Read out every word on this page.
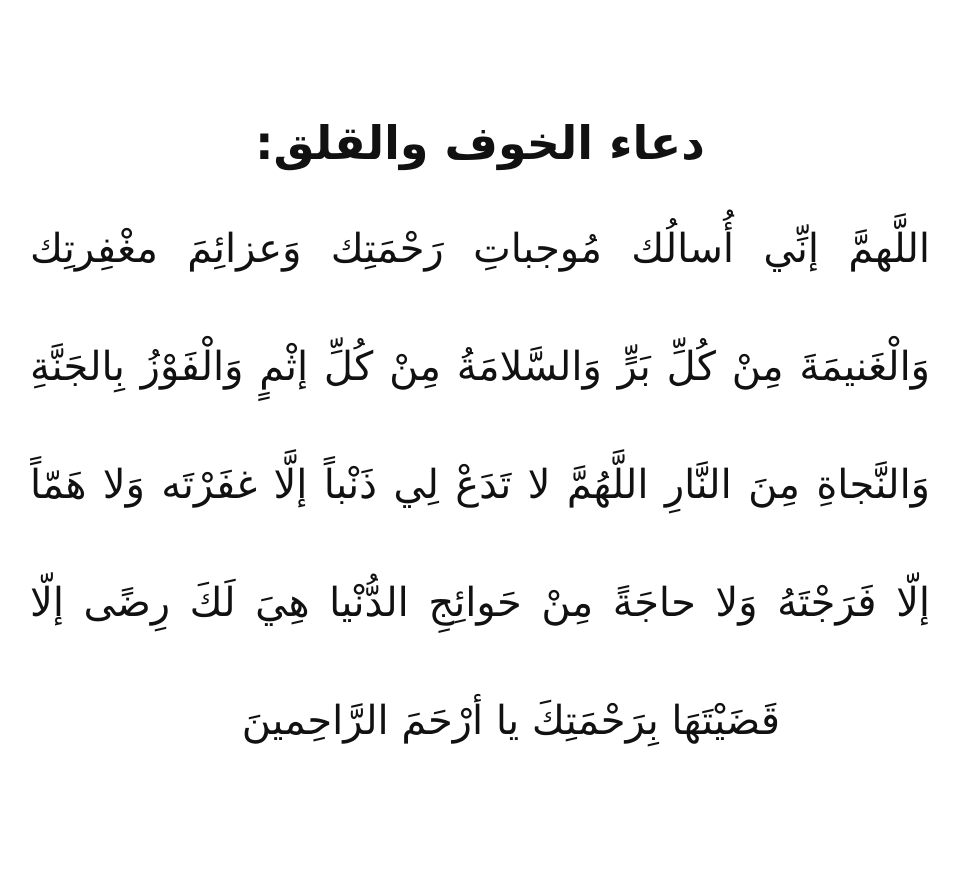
دعاء الخوف والقلق:
اللَّهمَّ إنِّي أُسالُك مُوجباتِ رَحْمَتِك وَعزائِمَ مغْفِرتِك
وَالْغَنيمَةَ مِنْ كُلِّ بَرٍّ وَالسَّلامَةُ مِنْ كُلِّ إثْمٍ وَالْفَوْزُ بِالجَنَّةِ
وَالنَّجاةِ مِنَ النَّارِ اللَّهُمَّ لا تَدَعْ لِي ذَنْباً إلَّا غفَرْتَه وَلا هَمّاً
إلّا فَرَجْتَهُ وَلا حاجَةً مِنْ حَوائِجِ الدُّنْيا هِيَ لَكَ رِضًى إلّا
قَضَيْتَهَا بِرَحْمَتِكَ يا أرْحَمَ الرَّاحِمينَ
